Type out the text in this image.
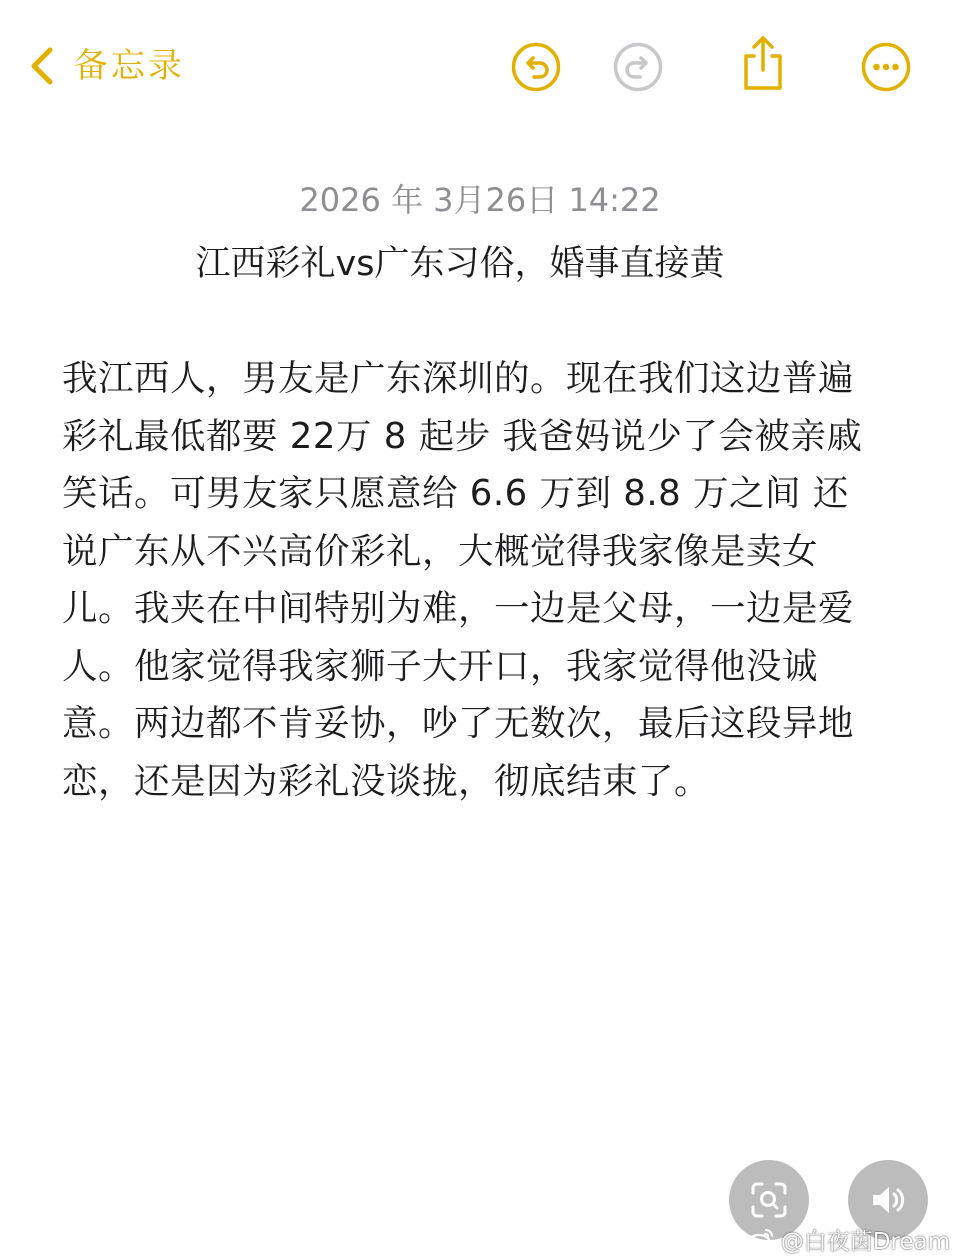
备忘录
2026 年 3月26日 14:22
江西彩礼vs广东习俗，婚事直接黄
我江西人，男友是广东深圳的。现在我们这边普遍
彩礼最低都要 22万 8 起步 我爸妈说少了会被亲戚
笑话。可男友家只愿意给 6.6 万到 8.8 万之间 还
说广东从不兴高价彩礼，大概觉得我家像是卖女
儿。我夹在中间特别为难，一边是父母，一边是爱
人。他家觉得我家狮子大开口，我家觉得他没诚
意。两边都不肯妥协，吵了无数次，最后这段异地
恋，还是因为彩礼没谈拢，彻底结束了。
@白夜茵Dream
